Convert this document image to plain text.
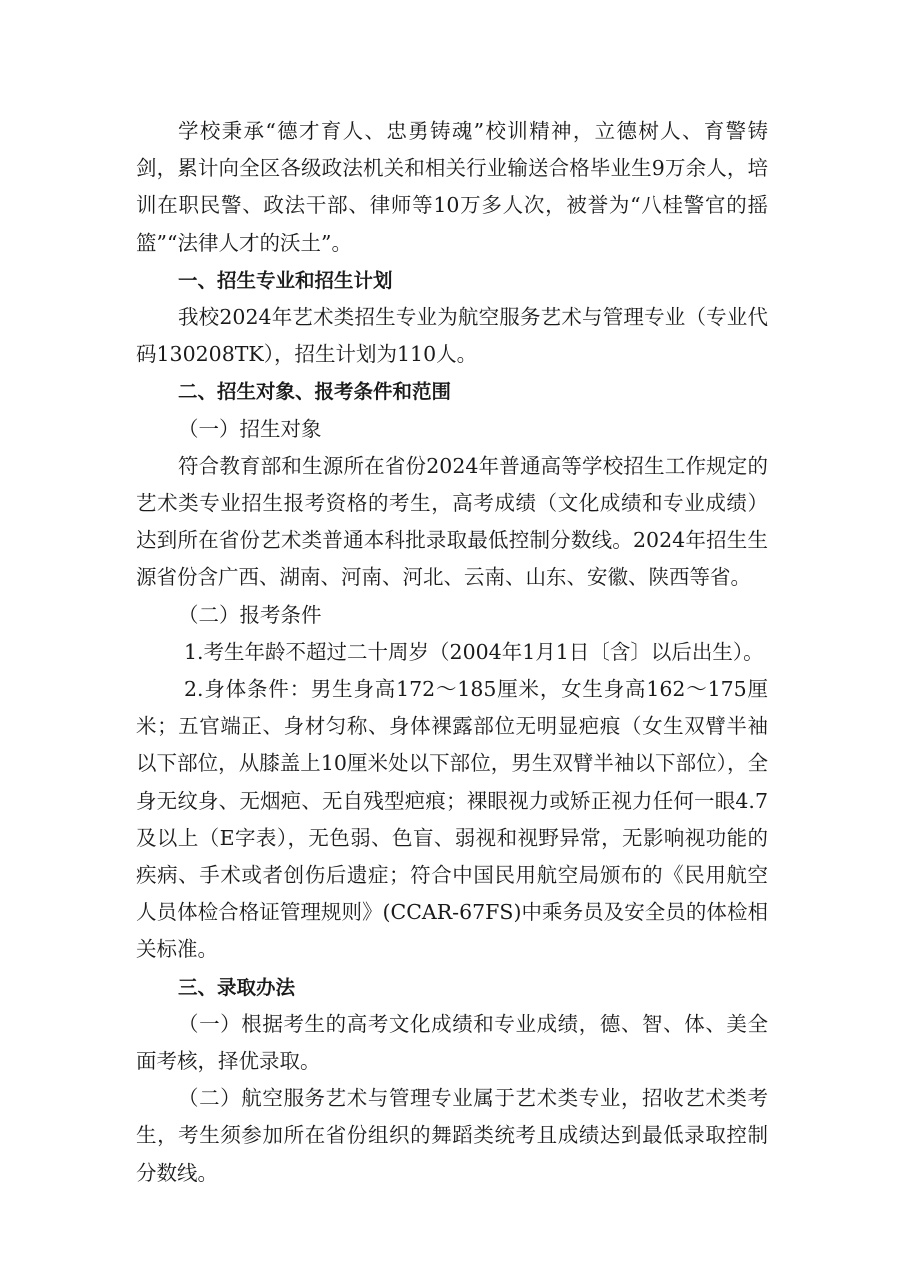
学校秉承“德才育人、忠勇铸魂”校训精神，立德树人、育警铸剑，累计向全区各级政法机关和相关行业输送合格毕业生9万余人，培训在职民警、政法干部、律师等10万多人次，被誉为“八桂警官的摇篮”“法律人才的沃土”。

一、招生专业和招生计划

我校2024年艺术类招生专业为航空服务艺术与管理专业（专业代码130208TK），招生计划为110人。

二、招生对象、报考条件和范围

（一）招生对象

符合教育部和生源所在省份2024年普通高等学校招生工作规定的艺术类专业招生报考资格的考生，高考成绩（文化成绩和专业成绩）达到所在省份艺术类普通本科批录取最低控制分数线。2024年招生生源省份含广西、湖南、河南、河北、云南、山东、安徽、陕西等省。

（二）报考条件

1.考生年龄不超过二十周岁（2004年1月1日〔含〕以后出生）。

2.身体条件：男生身高172～185厘米，女生身高162～175厘米；五官端正、身材匀称、身体裸露部位无明显疤痕（女生双臂半袖以下部位，从膝盖上10厘米处以下部位，男生双臂半袖以下部位），全身无纹身、无烟疤、无自残型疤痕；裸眼视力或矫正视力任何一眼4.7及以上（E字表），无色弱、色盲、弱视和视野异常，无影响视功能的疾病、手术或者创伤后遗症；符合中国民用航空局颁布的《民用航空人员体检合格证管理规则》(CCAR-67FS)中乘务员及安全员的体检相关标准。

三、录取办法

（一）根据考生的高考文化成绩和专业成绩，德、智、体、美全面考核，择优录取。

（二）航空服务艺术与管理专业属于艺术类专业，招收艺术类考生，考生须参加所在省份组织的舞蹈类统考且成绩达到最低录取控制分数线。
